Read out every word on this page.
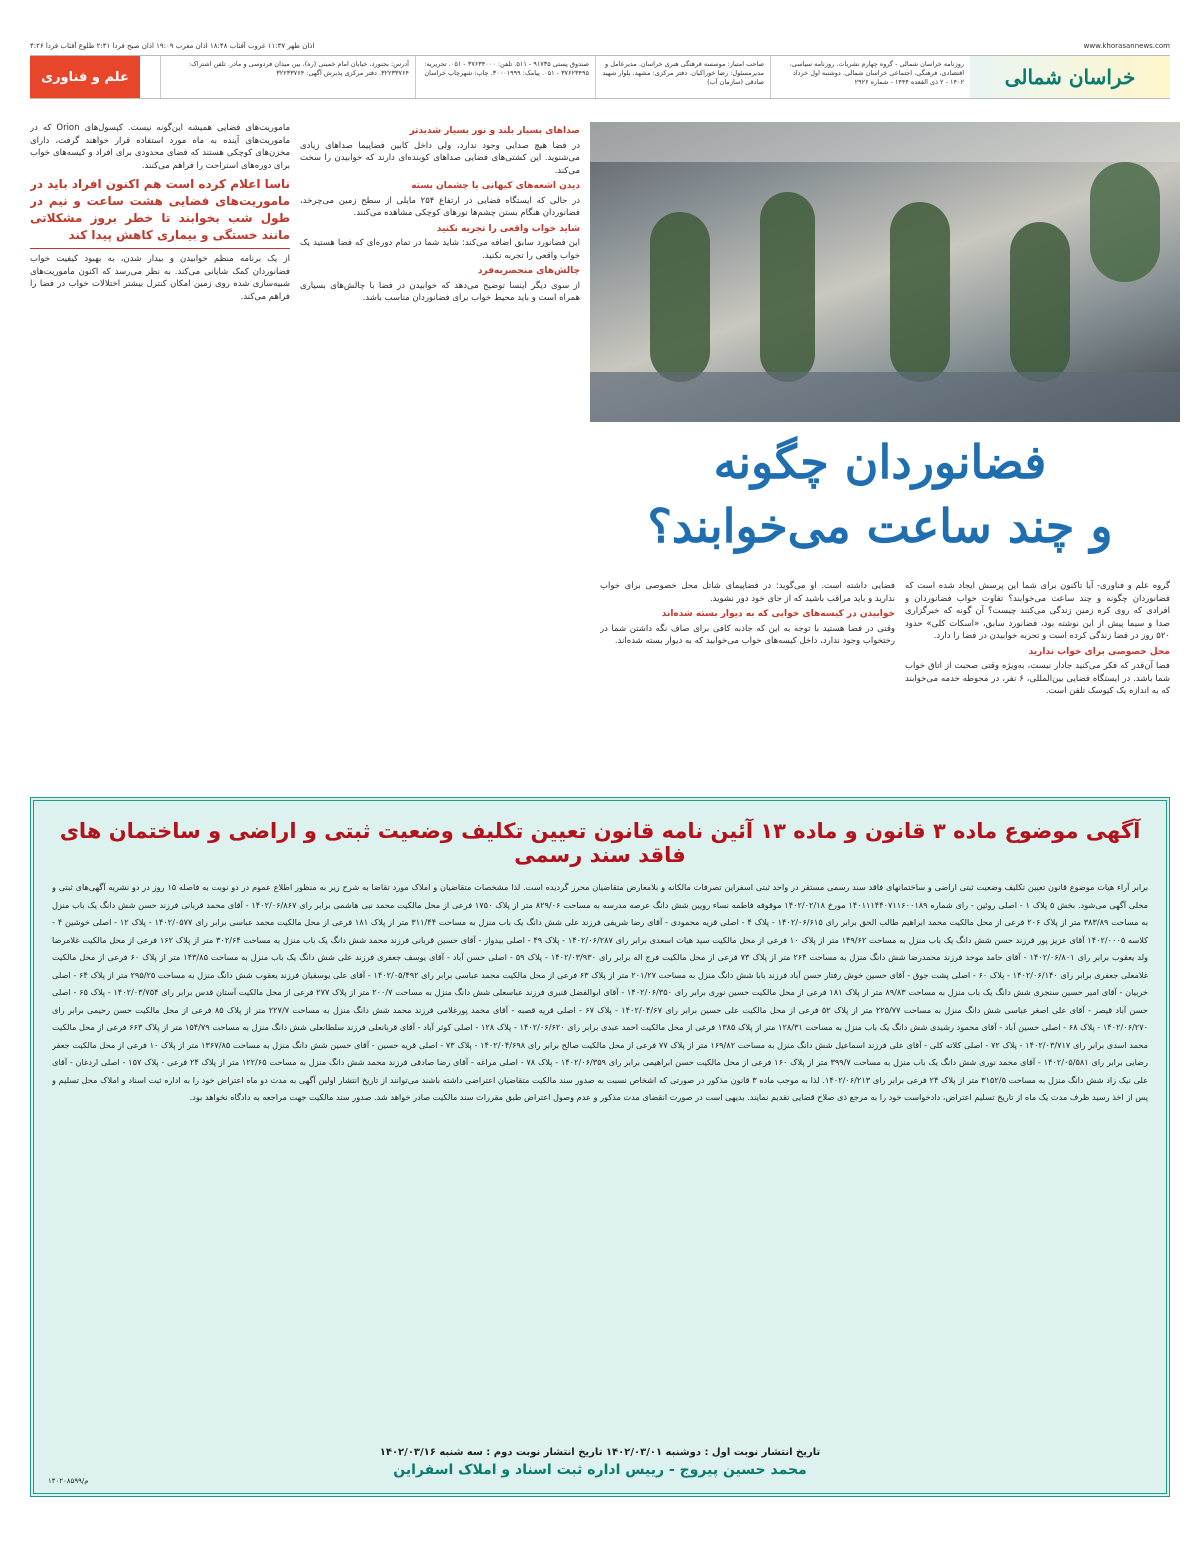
www.khorasannews.com
اذان ظهر ۱۱:۳۷ غروب آفتاب ۱۸:۴۸ اذان مغرب ۱۹:۰۹ اذان صبح فردا ۲:۴۱ طلوع آفتاب فردا ۴:۲۶
خراسان شمالی
روزنامه خراسان شمالی - گروه چهارم نشریات. روزنامه سیاسی، اقتصادی، فرهنگی، اجتماعی خراسان شمالی. دوشنبه اول خرداد ۱۴۰۲ - ۲ ذی القعده ۱۴۴۴ - شماره ۲۹۲۶
صاحب امتیاز: موسسه فرهنگی هنری خراسان. مدیرعامل و مدیرمسئول: رضا خوراکیان. دفتر مرکزی: مشهد، بلوار شهید صادقی (سازمان آب)
صندوق پستی ۹۱۷۳۵ - ۵۱۱. تلفن: ۳۷۶۳۴۰۰۰ - ۰۵۱. تحریریه: ۳۷۶۲۳۴۹۵ - ۰۵۱. پیامک: ۳۰۰۰۱۹۹۹. چاپ: شهرچاپ خراسان
آدرس: بجنورد، خیابان امام خمینی (ره)، بین میدان فردوسی و مادر. تلفن اشتراک: ۳۲۲۳۳۷۶۴. دفتر مرکزی پذیرش آگهی: ۳۲۲۳۳۷۶۴
علم و فناوری
فضانوردان چگونه
و چند ساعت می‌خوابند؟

گروه علم و فناوری- آیا تاکنون برای شما این پرسش ایجاد شده است که فضانوردان چگونه و چند ساعت می‌خوابند؟ تفاوت خواب فضانوردان و افرادی که روی کره زمین زندگی می‌کنند چیست؟ آن گونه که خبرگزاری صدا و سیما پیش از این نوشته بود، فضانورد سابق، «اسکات کلی» حدود ۵۲۰ روز در فضا زندگی کرده است و تجربه خوابیدن در فضا را دارد.

محل خصوصی برای خواب ندارید

فضا آن‌قدر که فکر می‌کنید جادار نیست، به‌ویژه وقتی صحبت از اتاق خواب شما باشد. در ایستگاه فضایی بین‌المللی، ۶ نفر، در محوطه خدمه می‌خوابند که به اندازه یک کیوسک تلفن است.

فضایی داشته است. او می‌گوید: در فضاپیمای شاتل محل خصوصی برای خواب ندارید و باید مراقب باشید که از جای خود دور نشوید.

خوابیدن در کیسه‌های خوابی که به دیوار بسته شده‌اند

وقتی در فضا هستید با توجه به این که جاذبه کافی برای صاف نگه داشتن شما در رختخواب وجود ندارد، داخل کیسه‌های خواب می‌خوابید که به دیوار بسته شده‌اند.

صداهای بسیار بلند و نور بسیار شدیدتر

در فضا هیچ صدایی وجود ندارد، ولی داخل کابین فضاپیما صداهای زیادی می‌شنوید. این کشتی‌های فضایی صداهای کوبنده‌ای دارند که خوابیدن را سخت می‌کند.

دیدن اشعه‌های کیهانی با چشمان بسته

در حالی که ایستگاه فضایی در ارتفاع ۲۵۴ مایلی از سطح زمین می‌چرخد، فضانوردان هنگام بستن چشم‌ها نورهای کوچکی مشاهده می‌کنند.

شاید خواب واقعی را تجربه نکنید

این فضانورد سابق اضافه می‌کند: شاید شما در تمام دوره‌ای که فضا هستید یک خواب واقعی را تجربه نکنید.

چالش‌های منحصربه‌فرد

از سوی دیگر اینسا توضیح می‌دهد که خوابیدن در فضا با چالش‌های بسیاری همراه است و باید محیط خواب برای فضانوردان مناسب باشد.

ماموریت‌های فضایی همیشه این‌گونه نیست. کپسول‌های Orion که در ماموریت‌های آینده به ماه مورد استفاده قرار خواهند گرفت، دارای مخزن‌های کوچکی هستند که فضای محدودی برای افراد و کیسه‌های خواب برای دوره‌های استراحت را فراهم می‌کنند.

ناسا اعلام کرده است هم اکنون افراد باید در ماموریت‌های فضایی هشت ساعت و نیم در طول شب بخوابند تا خطر بروز مشکلاتی مانند خستگی و بیماری کاهش پیدا کند

از یک برنامه منظم خوابیدن و بیدار شدن، به بهبود کیفیت خواب فضانوردان کمک شایانی می‌کند. به نظر می‌رسد که اکنون ماموریت‌های شبیه‌سازی شده روی زمین امکان کنترل بیشتر اختلالات خواب در فضا را فراهم می‌کند.

آگهی موضوع ماده ۳ قانون و ماده ۱۳ آئین نامه قانون تعیین تکلیف وضعیت ثبتی و اراضی و ساختمان های فاقد سند رسمی
برابر آراء هیات موضوع قانون تعیین تکلیف وضعیت ثبتی اراضی و ساختمانهای فاقد سند رسمی مستقر در واحد ثبتی اسفراین تصرفات مالکانه و بلامعارض متقاضیان محرز گردیده است. لذا مشخصات متقاضیان و املاک مورد تقاضا به شرح زیر به منظور اطلاع عموم در دو نوبت به فاصله ۱۵ روز در دو نشریه آگهی‌های ثبتی و محلی آگهی می‌شود. بخش ۵ پلاک ۱ - اصلی روئین - رای شماره ۱۴۰۱۱۱۴۴۰۷۱۱۶۰۰۱۸۹ مورخ ۱۴۰۲/۰۲/۱۸ موقوفه فاطمه نساء رویین شش دانگ عرصه مدرسه به مساحت ۸۲۹/۰۶ متر از پلاک ۱۷۵۰ فرعی از محل مالکیت محمد نبی هاشمی برابر رای ۱۴۰۲/۰۶/۸۶۷ - آقای محمد قربانی فرزند حسن شش دانگ یک باب منزل به مساحت ۳۸۳/۸۹ متر از پلاک ۲۰۶ فرعی از محل مالکیت محمد ابراهیم طالب الحق برابر رای ۱۴۰۲/۰۶/۶۱۵ - پلاک ۴ - اصلی قریه محمودی - آقای رضا شریفی فرزند علی شش دانگ یک باب منزل به مساحت ۳۱۱/۴۴ متر از پلاک ۱۸۱ فرعی از محل مالکیت محمد عباسی برابر رای ۱۴۰۲/۰۵۷۷ - پلاک ۱۲ - اصلی خوشین ۴ - کلاسه ۱۴۰۲/۰۰۰۵ آقای عزیز پور فرزند حسن شش دانگ یک باب منزل به مساحت ۱۴۹/۶۲ متر از پلاک ۱۰ فرعی از محل مالکیت سید هیات اسعدی برابر رای ۱۴۰۲/۰۶/۲۸۷ - پلاک ۴۹ - اصلی بیدواز - آقای حسین قربانی فرزند محمد شش دانگ یک باب منزل به مساحت ۳۰۲/۶۴ متر از پلاک ۱۶۲ فرعی از محل مالکیت غلامرضا ولد یعقوب برابر رای ۱۴۰۲/۰۶/۸۰۱ - آقای حامد موحد فرزند محمدرضا شش دانگ منزل به مساحت ۲۶۴ متر از پلاک ۷۳ فرعی از محل مالکیت فرج اله برابر رای ۱۴۰۲/۰۳/۹۳۰ - پلاک ۵۹ - اصلی حسن آباد - آقای یوسف جعفری فرزند علی شش دانگ یک باب منزل به مساحت ۱۴۳/۸۵ متر از پلاک ۶۰ فرعی از محل مالکیت غلامعلی جعفری برابر رای ۱۴۰۲/۰۶/۱۴۰ - پلاک ۶۰ - اصلی پشت جوق - آقای حسین خوش رفتار حسن آباد فرزند بابا شش دانگ منزل به مساحت ۲۰۱/۲۷ متر از پلاک ۶۳ فرعی از محل مالکیت محمد عباسی برابر رای ۱۴۰۲/۰۵/۴۹۲ - آقای علی یوسفیان فرزند یعقوب شش دانگ منزل به مساحت ۲۹۵/۲۵ متر از پلاک ۶۴ - اصلی خربیان - آقای امیر حسین سنجری شش دانگ یک باب منزل به مساحت ۸۹/۸۳ متر از پلاک ۱۸۱ فرعی از محل مالکیت حسین نوری برابر رای ۱۴۰۲/۰۶/۳۵۰ - آقای ابوالفضل قنبری فرزند عباسعلی شش دانگ منزل به مساحت ۲۰۰/۷ متر از پلاک ۲۷۷ فرعی از محل مالکیت آستان قدس برابر رای ۱۴۰۲/۰۳/۷۵۴ - پلاک ۶۵ - اصلی حسن آباد قیصر - آقای علی اصغر عباسی شش دانگ منزل به مساحت ۲۲۵/۷۷ متر از پلاک ۵۲ فرعی از محل مالکیت علی حسین برابر رای ۱۴۰۲/۰۴/۶۷ - پلاک ۶۷ - اصلی قریه قصبه - آقای محمد پورغلامی فرزند محمد شش دانگ منزل به مساحت ۲۲۷/۷ متر از پلاک ۸۵ فرعی از محل مالکیت حسن رحیمی برابر رای ۱۴۰۲/۰۶/۲۷۰ - پلاک ۶۸ - اصلی حسین آباد - آقای محمود رشیدی شش دانگ یک باب منزل به مساحت ۱۲۸/۳۱ متر از پلاک ۱۳۸۵ فرعی از محل مالکیت احمد عبدی برابر رای ۱۴۰۲/۰۶/۶۲۰ - پلاک ۱۲۸ - اصلی کوثر آباد - آقای قربانعلی فرزند سلطانعلی شش دانگ منزل به مساحت ۱۵۴/۷۹ متر از پلاک ۶۶۳ فرعی از محل مالکیت محمد اسدی برابر رای ۱۴۰۲/۰۳/۷۱۷ - پلاک ۷۲ - اصلی کلاته کلی - آقای علی فرزند اسماعیل شش دانگ منزل به مساحت ۱۶۹/۸۲ متر از پلاک ۷۷ فرعی از محل مالکیت صالح برابر رای ۱۴۰۲/۰۴/۶۹۸ - پلاک ۷۳ - اصلی قریه حسین - آقای حسین شش دانگ منزل به مساحت ۱۳۶۷/۸۵ متر از پلاک ۱۰ فرعی از محل مالکیت جعفر رضایی برابر رای ۱۴۰۲/۰۵/۵۸۱ - آقای محمد نوری شش دانگ یک باب منزل به مساحت ۳۹۹/۷ متر از پلاک ۱۶۰ فرعی از محل مالکیت حسن ابراهیمی برابر رای ۱۴۰۲/۰۶/۳۵۹ - پلاک ۷۸ - اصلی مراغه - آقای رضا صادقی فرزند محمد شش دانگ منزل به مساحت ۱۲۲/۶۵ متر از پلاک ۲۴ فرعی - پلاک ۱۵۷ - اصلی اردغان - آقای علی نیک زاد شش دانگ منزل به مساحت ۳۱۵۲/۵ متر از پلاک ۲۴ فرعی برابر رای ۱۴۰۲/۰۶/۲۱۳. لذا به موجب ماده ۳ قانون مذکور در صورتی که اشخاص نسبت به صدور سند مالکیت متقاضیان اعتراضی داشته باشند می‌توانند از تاریخ انتشار اولین آگهی به مدت دو ماه اعتراض خود را به اداره ثبت اسناد و املاک محل تسلیم و پس از اخذ رسید ظرف مدت یک ماه از تاریخ تسلیم اعتراض، دادخواست خود را به مرجع ذی صلاح قضایی تقدیم نمایند. بدیهی است در صورت انقضای مدت مذکور و عدم وصول اعتراض طبق مقررات سند مالکیت صادر خواهد شد. صدور سند مالکیت جهت مراجعه به دادگاه نخواهد بود.
تاریخ انتشار نوبت اول : دوشنبه ۱۴۰۲/۰۳/۰۱ تاریخ انتشار نوبت دوم : سه شنبه ۱۴۰۲/۰۳/۱۶
محمد حسین پیروج - رییس اداره ثبت اسناد و املاک اسفراین
م/۱۴۰۲۰۸۵۹۹
